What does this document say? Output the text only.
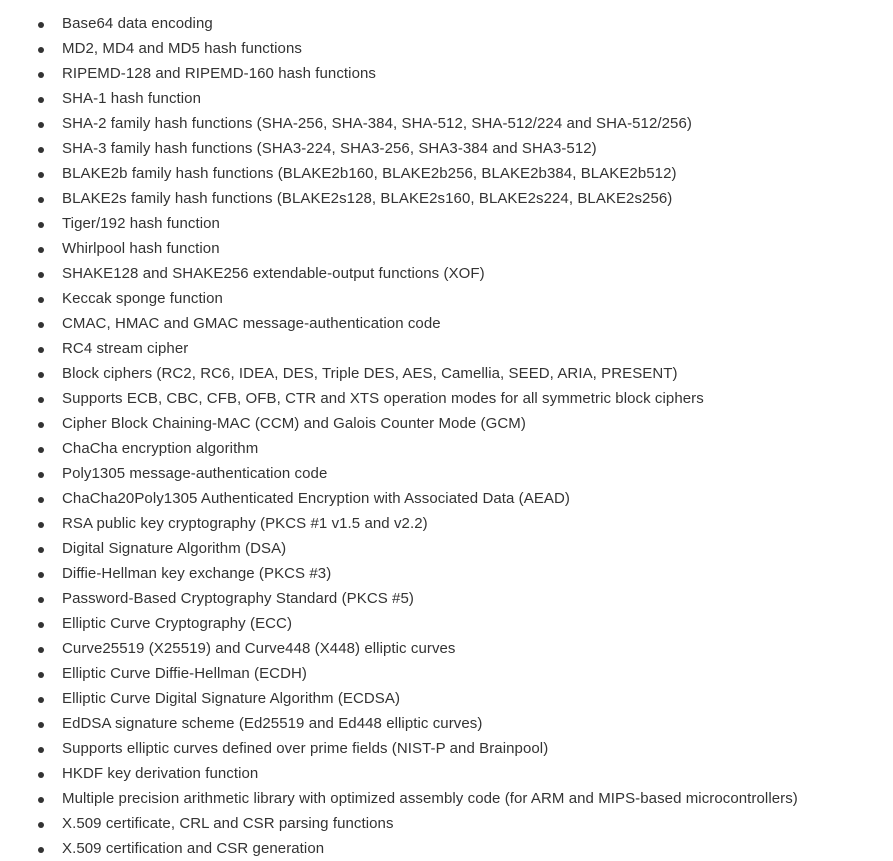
Base64 data encoding
MD2, MD4 and MD5 hash functions
RIPEMD-128 and RIPEMD-160 hash functions
SHA-1 hash function
SHA-2 family hash functions (SHA-256, SHA-384, SHA-512, SHA-512/224 and SHA-512/256)
SHA-3 family hash functions (SHA3-224, SHA3-256, SHA3-384 and SHA3-512)
BLAKE2b family hash functions (BLAKE2b160, BLAKE2b256, BLAKE2b384, BLAKE2b512)
BLAKE2s family hash functions (BLAKE2s128, BLAKE2s160, BLAKE2s224, BLAKE2s256)
Tiger/192 hash function
Whirlpool hash function
SHAKE128 and SHAKE256 extendable-output functions (XOF)
Keccak sponge function
CMAC, HMAC and GMAC message-authentication code
RC4 stream cipher
Block ciphers (RC2, RC6, IDEA, DES, Triple DES, AES, Camellia, SEED, ARIA, PRESENT)
Supports ECB, CBC, CFB, OFB, CTR and XTS operation modes for all symmetric block ciphers
Cipher Block Chaining-MAC (CCM) and Galois Counter Mode (GCM)
ChaCha encryption algorithm
Poly1305 message-authentication code
ChaCha20Poly1305 Authenticated Encryption with Associated Data (AEAD)
RSA public key cryptography (PKCS #1 v1.5 and v2.2)
Digital Signature Algorithm (DSA)
Diffie-Hellman key exchange (PKCS #3)
Password-Based Cryptography Standard (PKCS #5)
Elliptic Curve Cryptography (ECC)
Curve25519 (X25519) and Curve448 (X448) elliptic curves
Elliptic Curve Diffie-Hellman (ECDH)
Elliptic Curve Digital Signature Algorithm (ECDSA)
EdDSA signature scheme (Ed25519 and Ed448 elliptic curves)
Supports elliptic curves defined over prime fields (NIST-P and Brainpool)
HKDF key derivation function
Multiple precision arithmetic library with optimized assembly code (for ARM and MIPS-based microcontrollers)
X.509 certificate, CRL and CSR parsing functions
X.509 certification and CSR generation
